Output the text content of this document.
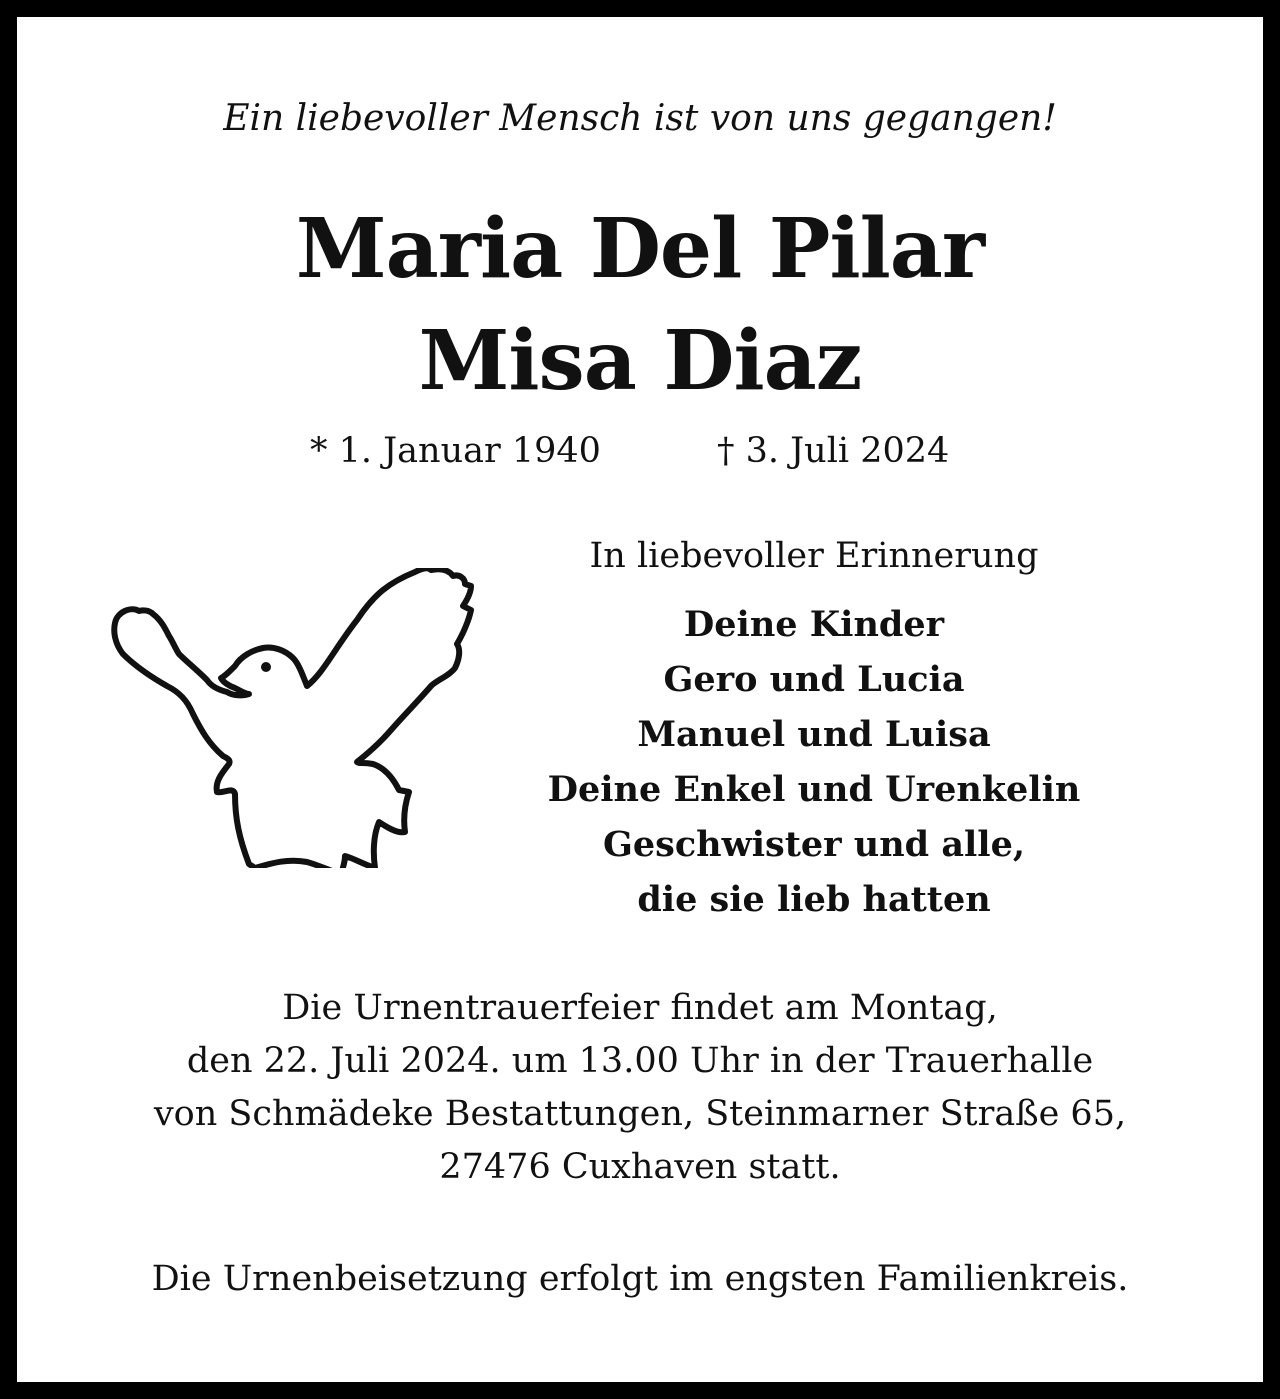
Ein liebevoller Mensch ist von uns gegangen!
Maria Del Pilar
Misa Diaz
* 1. Januar 1940	† 3. Juli 2024
In liebevoller Erinnerung
Deine Kinder
Gero und Lucia
Manuel und Luisa
Deine Enkel und Urenkelin
Geschwister und alle,
die sie lieb hatten
Die Urnentrauerfeier findet am Montag,
den 22. Juli 2024. um 13.00 Uhr in der Trauerhalle
von Schmädeke Bestattungen, Steinmarner Straße 65,
27476 Cuxhaven statt.
Die Urnenbeisetzung erfolgt im engsten Familienkreis.
